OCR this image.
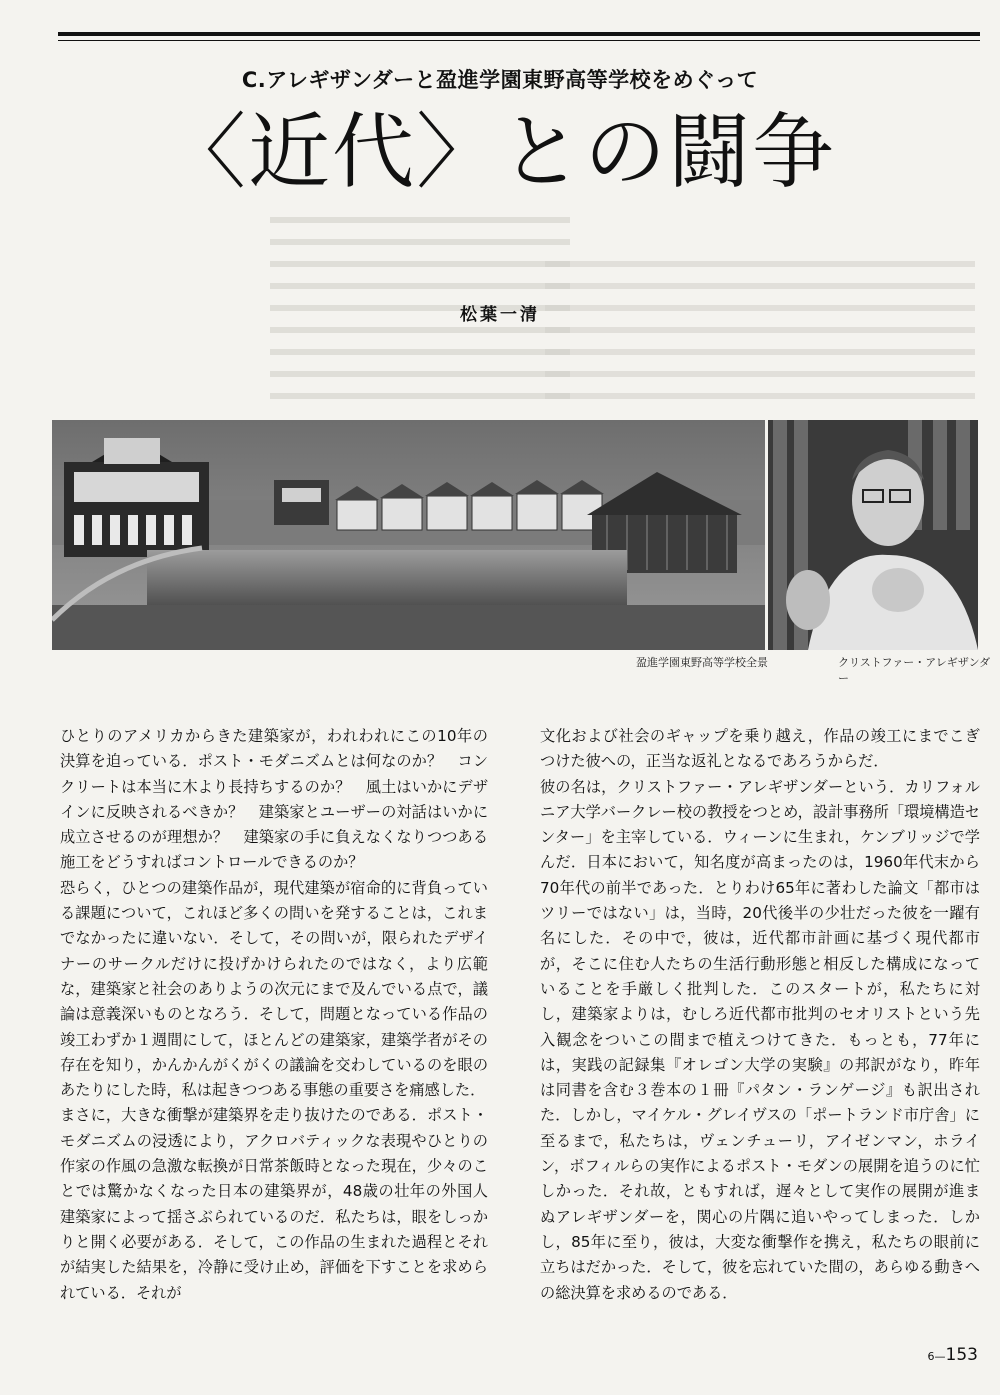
C.アレギザンダーと盈進学園東野高等学校をめぐって
〈近代〉との闘争
松葉一清
盈進学園東野高等学校全景	クリストファー・アレギザンダー

ひとりのアメリカからきた建築家が，われわれにこの10年の決算を迫っている．ポスト・モダニズムとは何なのか？　コンクリートは本当に木より長持ちするのか？　風土はいかにデザインに反映されるべきか？　建築家とユーザーの対話はいかに成立させるのが理想か？　建築家の手に負えなくなりつつある施工をどうすればコントロールできるのか？

恐らく，ひとつの建築作品が，現代建築が宿命的に背負っている課題について，これほど多くの問いを発することは，これまでなかったに違いない．そして，その問いが，限られたデザイナーのサークルだけに投げかけられたのではなく，より広範な，建築家と社会のありようの次元にまで及んでいる点で，議論は意義深いものとなろう．そして，問題となっている作品の竣工わずか１週間にして，ほとんどの建築家，建築学者がその存在を知り，かんかんがくがくの議論を交わしているのを眼のあたりにした時，私は起きつつある事態の重要さを痛感した．

まさに，大きな衝撃が建築界を走り抜けたのである．ポスト・モダニズムの浸透により，アクロバティックな表現やひとりの作家の作風の急激な転換が日常茶飯時となった現在，少々のことでは驚かなくなった日本の建築界が，48歳の壮年の外国人建築家によって揺さぶられているのだ．私たちは，眼をしっかりと開く必要がある．そして，この作品の生まれた過程とそれが結実した結果を，冷静に受け止め，評価を下すことを求められている．それが

文化および社会のギャップを乗り越え，作品の竣工にまでこぎつけた彼への，正当な返礼となるであろうからだ．

彼の名は，クリストファー・アレギザンダーという．カリフォルニア大学バークレー校の教授をつとめ，設計事務所「環境構造センター」を主宰している．ウィーンに生まれ，ケンブリッジで学んだ．日本において，知名度が高まったのは，1960年代末から70年代の前半であった．とりわけ65年に著わした論文「都市はツリーではない」は，当時，20代後半の少壮だった彼を一躍有名にした．その中で，彼は，近代都市計画に基づく現代都市が，そこに住む人たちの生活行動形態と相反した構成になっていることを手厳しく批判した．このスタートが，私たちに対し，建築家よりは，むしろ近代都市批判のセオリストという先入観念をついこの間まで植えつけてきた．もっとも，77年には，実践の記録集『オレゴン大学の実験』の邦訳がなり，昨年は同書を含む３巻本の１冊『パタン・ランゲージ』も訳出された．しかし，マイケル・グレイヴスの「ポートランド市庁舎」に至るまで，私たちは，ヴェンチューリ，アイゼンマン，ホライン，ボフィルらの実作によるポスト・モダンの展開を追うのに忙しかった．それ故，ともすれば，遅々として実作の展開が進まぬアレギザンダーを，関心の片隅に追いやってしまった．しかし，85年に至り，彼は，大変な衝撃作を携え，私たちの眼前に立ちはだかった．そして，彼を忘れていた間の，あらゆる動きへの総決算を求めるのである．

6—153
